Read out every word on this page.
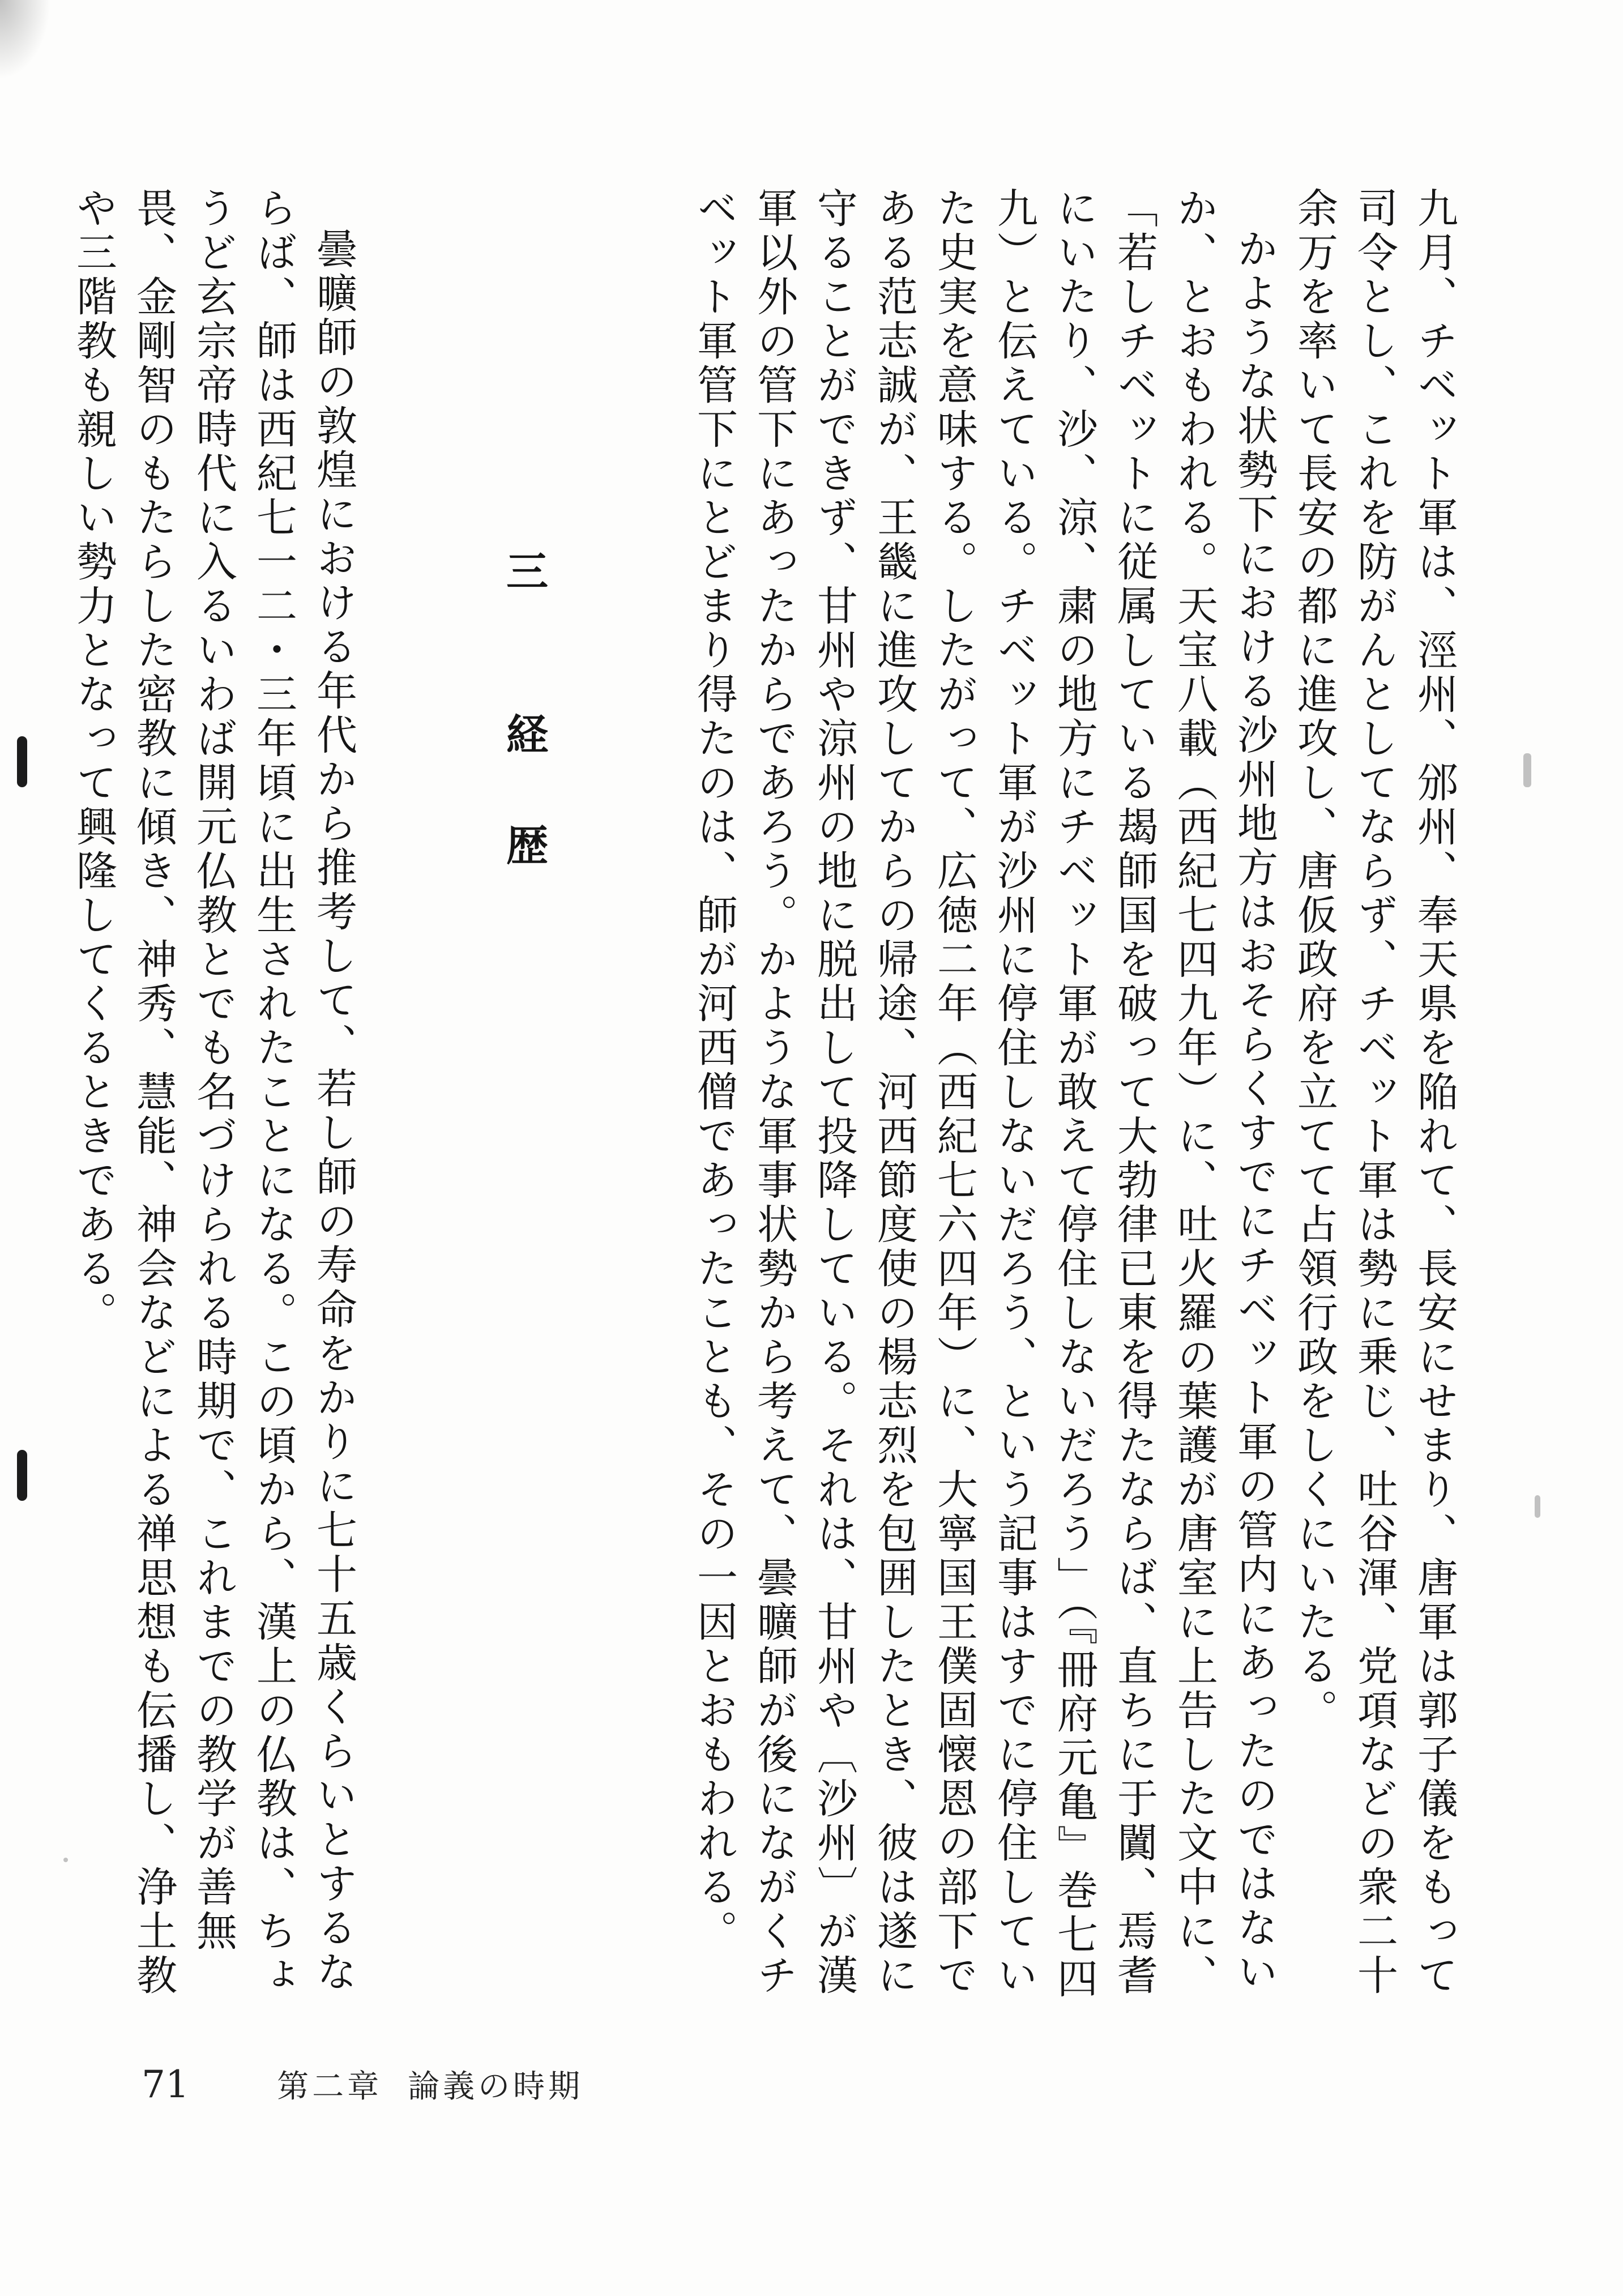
九月、チベット軍は、涇州、邠州、奉天県を陥れて、長安にせまり、唐軍は郭子儀をもって司令とし、これを防がんとしてならず、チベット軍は勢に乗じ、吐谷渾、党項などの衆二十余万を率いて長安の都に進攻し、唐仮政府を立てて占領行政をしくにいたる。

かような状勢下における沙州地方はおそらくすでにチベット軍の管内にあったのではないか、とおもわれる。天宝八載（西紀七四九年）に、吐火羅の葉護が唐室に上告した文中に、「若しチベットに従属している朅師国を破って大勃律已東を得たならば、直ちに于闐、焉耆にいたり、沙、涼、粛の地方にチベット軍が敢えて停住しないだろう」（『冊府元亀』巻七四九）と伝えている。チベット軍が沙州に停住しないだろう、という記事はすでに停住していた史実を意味する。したがって、広徳二年（西紀七六四年）に、大寧国王僕固懐恩の部下である范志誠が、王畿に進攻してからの帰途、河西節度使の楊志烈を包囲したとき、彼は遂に守ることができず、甘州や涼州の地に脱出して投降している。それは、甘州や〔沙州〕が漢軍以外の管下にあったからであろう。かような軍事状勢から考えて、曇曠師が後にながくチベット軍管下にとどまり得たのは、師が河西僧であったことも、その一因とおもわれる。

三経　歴

曇曠師の敦煌における年代から推考して、若し師の寿命をかりに七十五歳くらいとするならば、師は西紀七一二・三年頃に出生されたことになる。この頃から、漢上の仏教は、ちょうど玄宗帝時代に入るいわば開元仏教とでも名づけられる時期で、これまでの教学が善無畏、金剛智のもたらした密教に傾き、神秀、慧能、神会などによる禅思想も伝播し、浄土教や三階教も親しい勢力となって興隆してくるときである。

71	第二章 論義の時期
